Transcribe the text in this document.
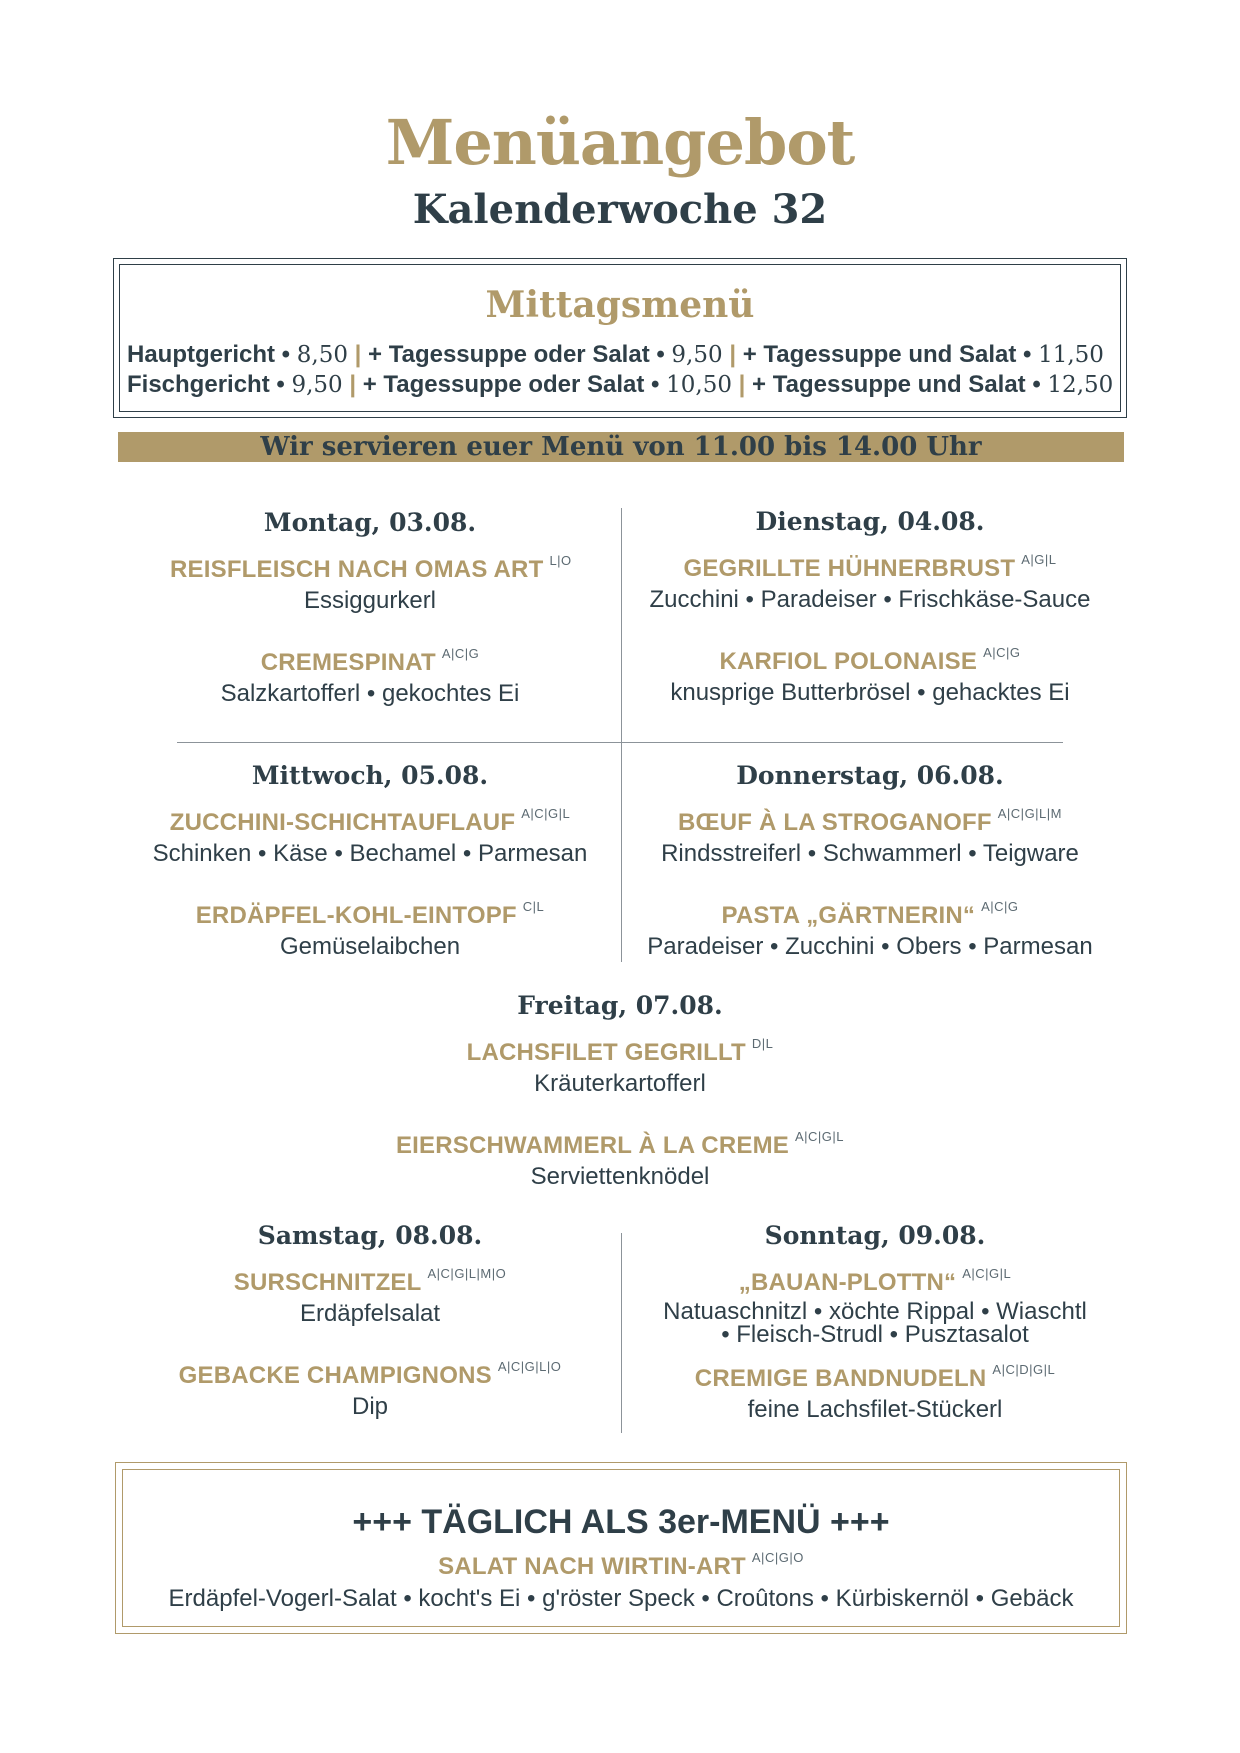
Menüangebot
Kalenderwoche 32
Mittagsmenü
Hauptgericht • 8,50 | + Tagessuppe oder Salat • 9,50 | + Tagessuppe und Salat • 11,50
Fischgericht • 9,50 | + Tagessuppe oder Salat • 10,50 | + Tagessuppe und Salat • 12,50
Wir servieren euer Menü von 11.00 bis 14.00 Uhr
Montag, 03.08.
REISFLEISCH NACH OMAS ART $^{L|O}$
Essiggurkerl
CREMESPINAT $^{A|C|G}$
Salzkartofferl • gekochtes Ei
Dienstag, 04.08.
GEGRILLTE HÜHNERBRUST $^{A|G|L}$
Zucchini • Paradeiser • Frischkäse-Sauce
KARFIOL POLONAISE $^{A|C|G}$
knusprige Butterbrösel • gehacktes Ei
Mittwoch, 05.08.
ZUCCHINI-SCHICHTAUFLAUF $^{A|C|G|L}$
Schinken • Käse • Bechamel • Parmesan
ERDÄPFEL-KOHL-EINTOPF $^{C|L}$
Gemüselaibchen
Donnerstag, 06.08.
BŒUF À LA STROGANOFF $^{A|C|G|L|M}$
Rindsstreiferl • Schwammerl • Teigware
PASTA „GÄRTNERIN“ $^{A|C|G}$
Paradeiser • Zucchini • Obers • Parmesan
Freitag, 07.08.
LACHSFILET GEGRILLT $^{D|L}$
Kräuterkartofferl
EIERSCHWAMMERL À LA CREME $^{A|C|G|L}$
Serviettenknödel
Samstag, 08.08.
SURSCHNITZEL $^{A|C|G|L|M|O}$
Erdäpfelsalat
GEBACKE CHAMPIGNONS $^{A|C|G|L|O}$
Dip
Sonntag, 09.08.
„BAUAN-PLOTTN“ $^{A|C|G|L}$
Natuaschnitzl • xöchte Rippal • Wiaschtl • Fleisch-Strudl • Pusztasalot
CREMIGE BANDNUDELN $^{A|C|D|G|L}$
feine Lachsfilet-Stückerl
+++ TÄGLICH ALS 3er-MENÜ +++
SALAT NACH WIRTIN-ART $^{A|C|G|O}$
Erdäpfel-Vogerl-Salat • kocht's Ei • g'röster Speck • Croûtons • Kürbiskernöl • Gebäck
